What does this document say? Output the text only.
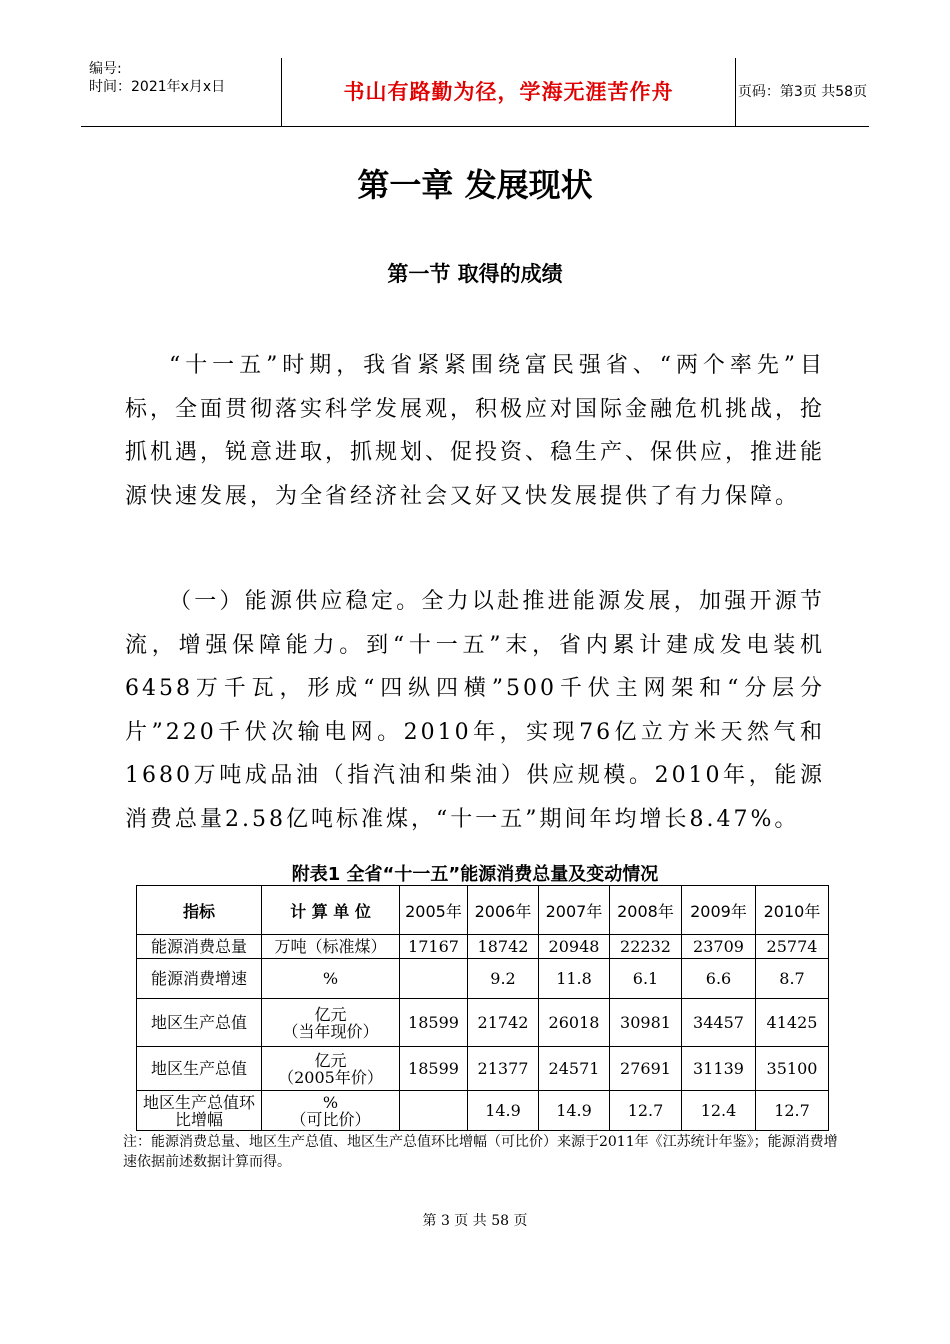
编号:
时间：2021年x月x日	书山有路勤为径，学海无涯苦作舟	页码：第3页 共58页
第一章 发展现状
第一节 取得的成绩

“十一五”时期，我省紧紧围绕富民强省、“两个率先”目标，全面贯彻落实科学发展观，积极应对国际金融危机挑战，抢抓机遇，锐意进取，抓规划、促投资、稳生产、保供应，推进能源快速发展，为全省经济社会又好又快发展提供了有力保障。

（一）能源供应稳定。全力以赴推进能源发展，加强开源节流，增强保障能力。到“十一五”末，省内累计建成发电装机6458万千瓦，形成“四纵四横”500千伏主网架和“分层分片”220千伏次输电网。2010年，实现76亿立方米天然气和1680万吨成品油（指汽油和柴油）供应规模。2010年，能源消费总量2.58亿吨标准煤，“十一五”期间年均增长8.47%。

附表1 全省“十一五”能源消费总量及变动情况
指标	计 算 单 位	2005年	2006年	2007年	2008年	2009年	2010年
能源消费总量	万吨（标准煤）	17167	18742	20948	22232	23709	25774
能源消费增速	%		9.2	11.8	6.1	6.6	8.7
地区生产总值	亿元
（当年现价）	18599	21742	26018	30981	34457	41425
地区生产总值	亿元
（2005年价）	18599	21377	24571	27691	31139	35100
地区生产总值环比增幅	%
（可比价）		14.9	14.9	12.7	12.4	12.7
注：能源消费总量、地区生产总值、地区生产总值环比增幅（可比价）来源于2011年《江苏统计年鉴》；能源消费增速依据前述数据计算而得。
第 3 页 共 58 页
